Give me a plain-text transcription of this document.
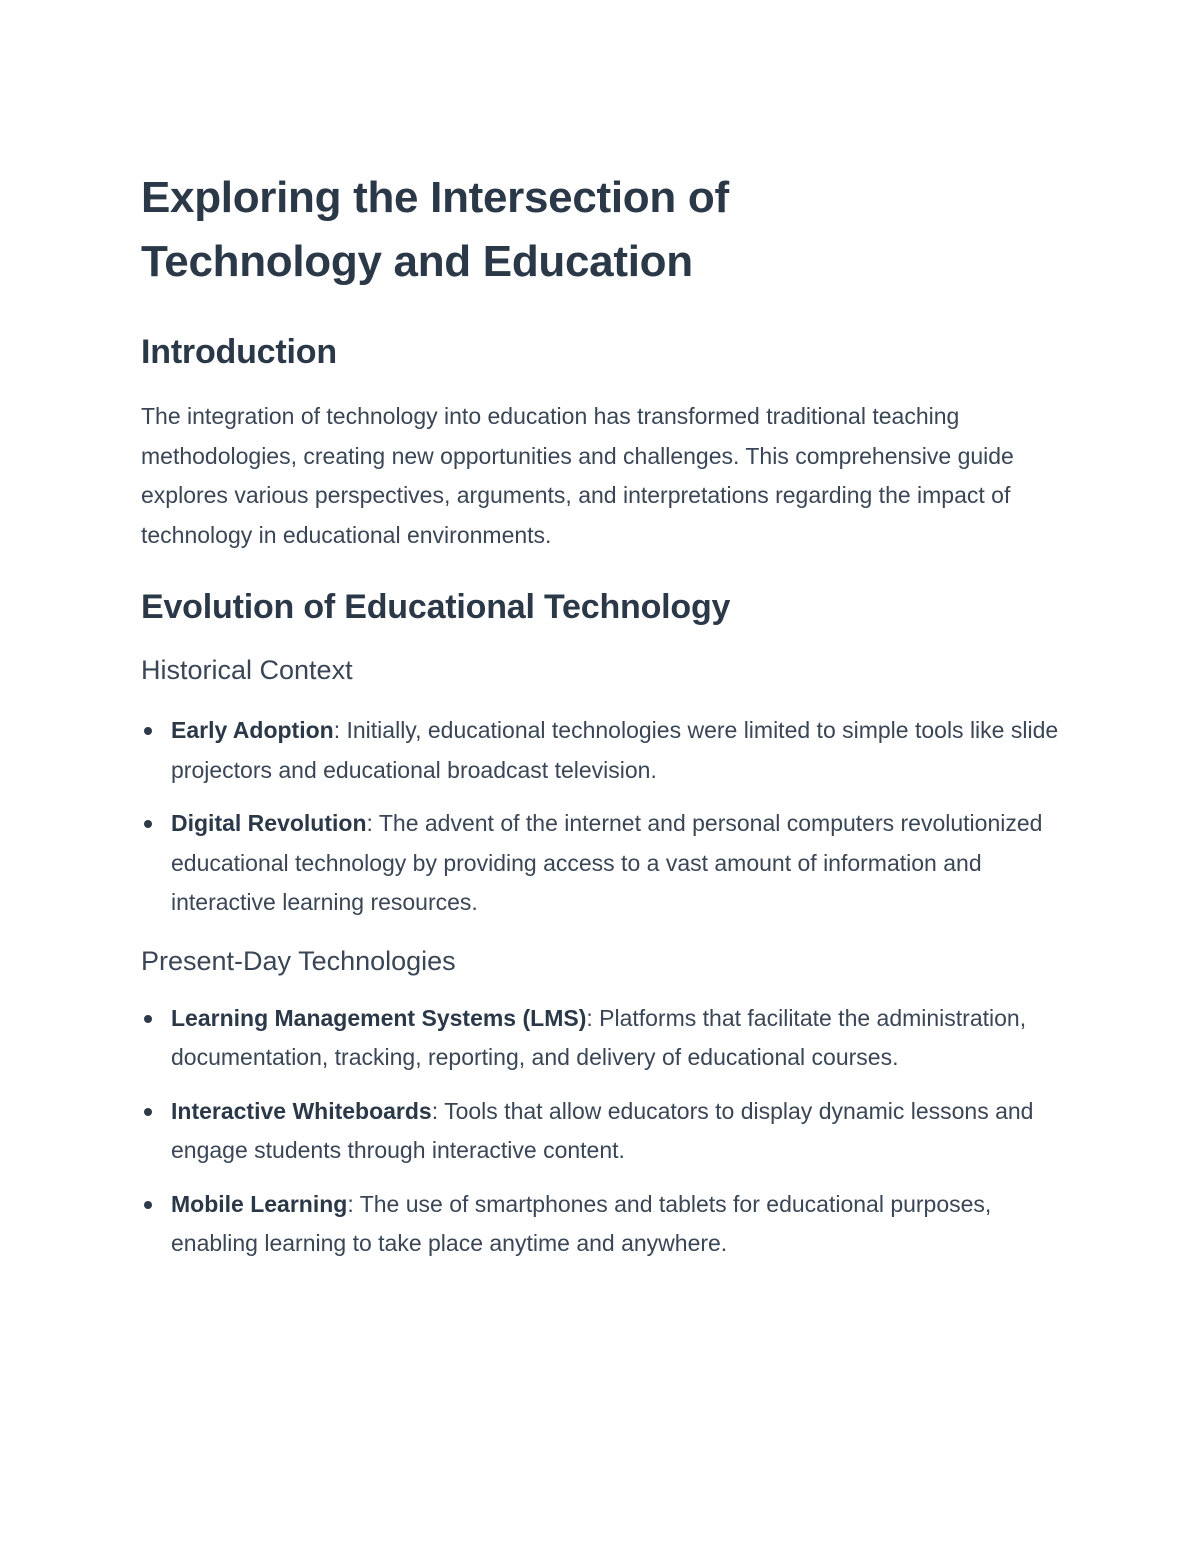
Exploring the Intersection of Technology and Education
Introduction

The integration of technology into education has transformed traditional teaching methodologies, creating new opportunities and challenges. This comprehensive guide explores various perspectives, arguments, and interpretations regarding the impact of technology in educational environments.

Evolution of Educational Technology
Historical Context
Early Adoption: Initially, educational technologies were limited to simple tools like slide projectors and educational broadcast television.
Digital Revolution: The advent of the internet and personal computers revolutionized educational technology by providing access to a vast amount of information and interactive learning resources.
Present-Day Technologies
Learning Management Systems (LMS): Platforms that facilitate the administration, documentation, tracking, reporting, and delivery of educational courses.
Interactive Whiteboards: Tools that allow educators to display dynamic lessons and engage students through interactive content.
Mobile Learning: The use of smartphones and tablets for educational purposes, enabling learning to take place anytime and anywhere.
